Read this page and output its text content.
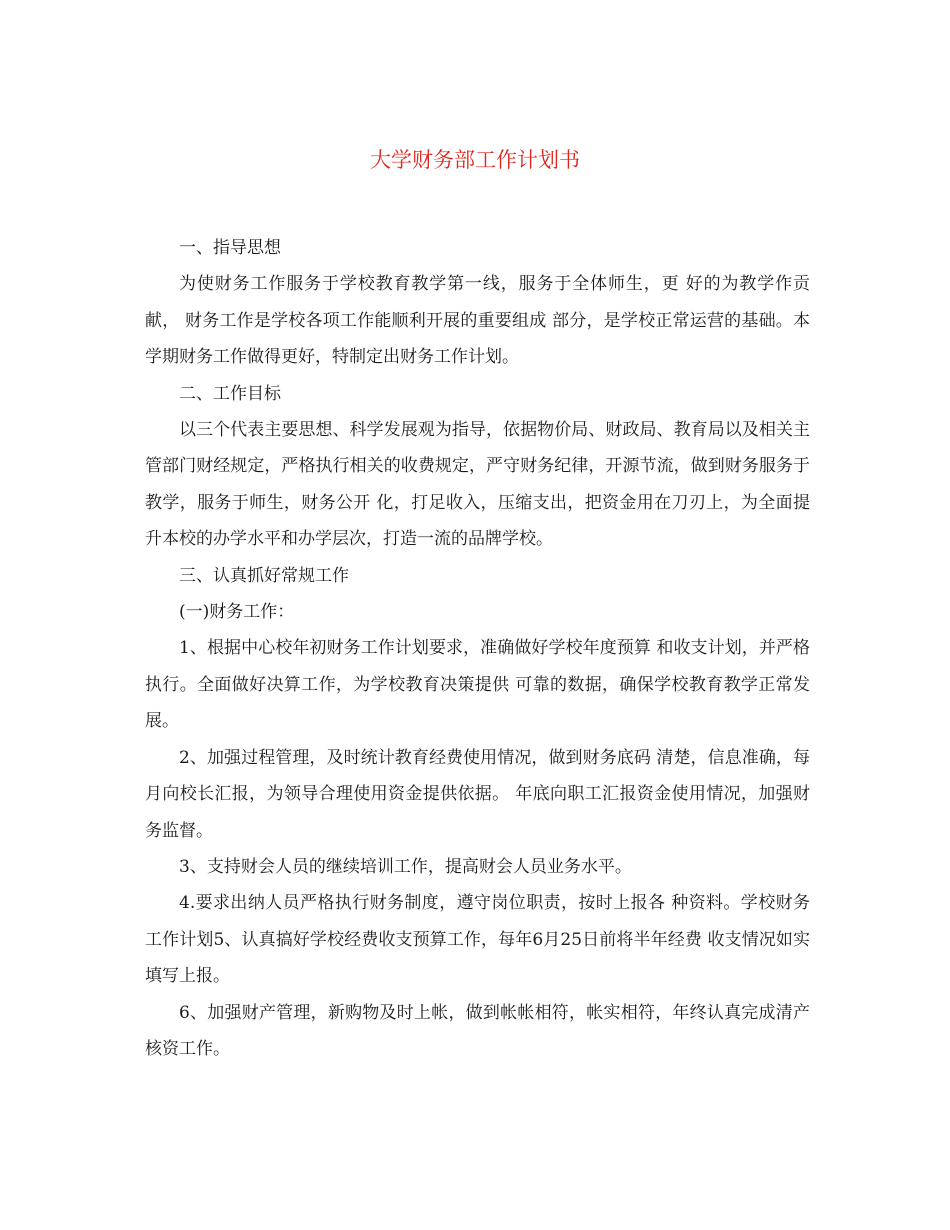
大学财务部工作计划书

一、指导思想

为使财务工作服务于学校教育教学第一线，服务于全体师生，更 好的为教学作贡献， 财务工作是学校各项工作能顺利开展的重要组成 部分，是学校正常运营的基础。本学期财务工作做得更好，特制定出财务工作计划。

二、工作目标

以三个代表主要思想、科学发展观为指导，依据物价局、财政局、教育局以及相关主管部门财经规定，严格执行相关的收费规定，严守财务纪律，开源节流，做到财务服务于教学，服务于师生，财务公开 化，打足收入，压缩支出，把资金用在刀刃上，为全面提升本校的办学水平和办学层次，打造一流的品牌学校。

三、认真抓好常规工作

(一)财务工作：

1、根据中心校年初财务工作计划要求，准确做好学校年度预算 和收支计划，并严格执行。全面做好决算工作，为学校教育决策提供 可靠的数据，确保学校教育教学正常发展。

2、加强过程管理，及时统计教育经费使用情况，做到财务底码 清楚，信息准确，每月向校长汇报，为领导合理使用资金提供依据。 年底向职工汇报资金使用情况，加强财务监督。

3、支持财会人员的继续培训工作，提高财会人员业务水平。

4.要求出纳人员严格执行财务制度，遵守岗位职责，按时上报各 种资料。学校财务工作计划5、认真搞好学校经费收支预算工作，每年6月25日前将半年经费 收支情况如实填写上报。

6、加强财产管理，新购物及时上帐，做到帐帐相符，帐实相符，年终认真完成清产核资工作。
